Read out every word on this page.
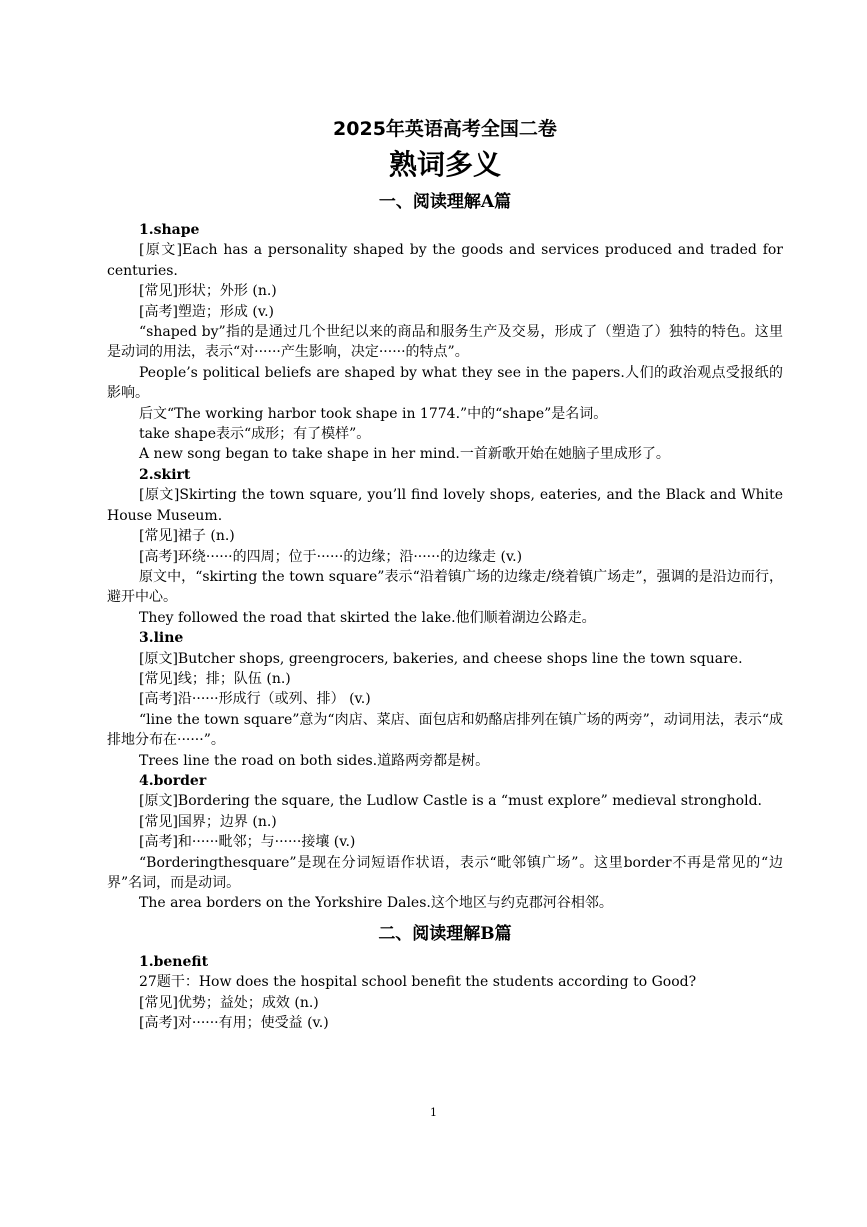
2025年英语高考全国二卷
熟词多义
一、阅读理解A篇
1.shape
[原文]Each has a personality shaped by the goods and services produced and traded for centuries.
[常见]形状；外形 (n.)
[高考]塑造；形成 (v.)
“shaped by”指的是通过几个世纪以来的商品和服务生产及交易，形成了（塑造了）独特的特色。这里是动词的用法，表示“对······产生影响，决定······的特点”。
People’s political beliefs are shaped by what they see in the papers.人们的政治观点受报纸的影响。
后文“The working harbor took shape in 1774.”中的“shape”是名词。
take shape表示“成形；有了模样”。
A new song began to take shape in her mind.一首新歌开始在她脑子里成形了。
2.skirt
[原文]Skirting the town square, you’ll find lovely shops, eateries, and the Black and White House Museum.
[常见]裙子 (n.)
[高考]环绕······的四周；位于······的边缘；沿······的边缘走 (v.)
原文中，“skirting the town square”表示“沿着镇广场的边缘走/绕着镇广场走”，强调的是沿边而行，避开中心。
They followed the road that skirted the lake.他们顺着湖边公路走。
3.line
[原文]Butcher shops, greengrocers, bakeries, and cheese shops line the town square.
[常见]线；排；队伍 (n.)
[高考]沿······形成行（或列、排） (v.)
“line the town square”意为“肉店、菜店、面包店和奶酪店排列在镇广场的两旁”，动词用法，表示“成排地分布在······”。
Trees line the road on both sides.道路两旁都是树。
4.border
[原文]Bordering the square, the Ludlow Castle is a “must explore” medieval stronghold.
[常见]国界；边界 (n.)
[高考]和······毗邻；与······接壤 (v.)
“Borderingthesquare”是现在分词短语作状语，表示“毗邻镇广场”。这里border不再是常见的“边界”名词，而是动词。
The area borders on the Yorkshire Dales.这个地区与约克郡河谷相邻。
二、阅读理解B篇
1.benefit
27题干：How does the hospital school benefit the students according to Good?
[常见]优势；益处；成效 (n.)
[高考]对······有用；使受益 (v.)
1
